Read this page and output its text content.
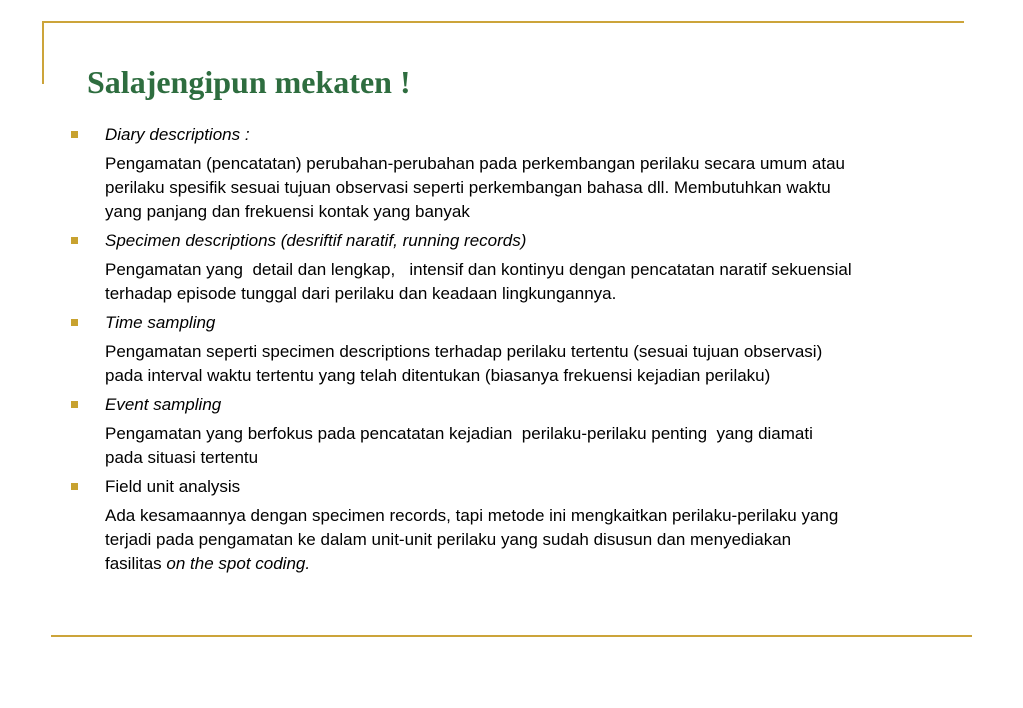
Salajengipun mekaten !
Diary descriptions :
Pengamatan (pencatatan) perubahan-perubahan pada perkembangan perilaku secara umum atau
perilaku spesifik sesuai tujuan observasi seperti perkembangan bahasa dll. Membutuhkan waktu
yang panjang dan frekuensi kontak yang banyak
Specimen descriptions (desriftif naratif, running records)
Pengamatan yang  detail dan lengkap,   intensif dan kontinyu dengan pencatatan naratif sekuensial
terhadap episode tunggal dari perilaku dan keadaan lingkungannya.
Time sampling
Pengamatan seperti specimen descriptions terhadap perilaku tertentu (sesuai tujuan observasi)
pada interval waktu tertentu yang telah ditentukan (biasanya frekuensi kejadian perilaku)
Event sampling
Pengamatan yang berfokus pada pencatatan kejadian  perilaku-perilaku penting  yang diamati
pada situasi tertentu
Field unit analysis
Ada kesamaannya dengan specimen records, tapi metode ini mengkaitkan perilaku-perilaku yang
terjadi pada pengamatan ke dalam unit-unit perilaku yang sudah disusun dan menyediakan
fasilitas on the spot coding.
